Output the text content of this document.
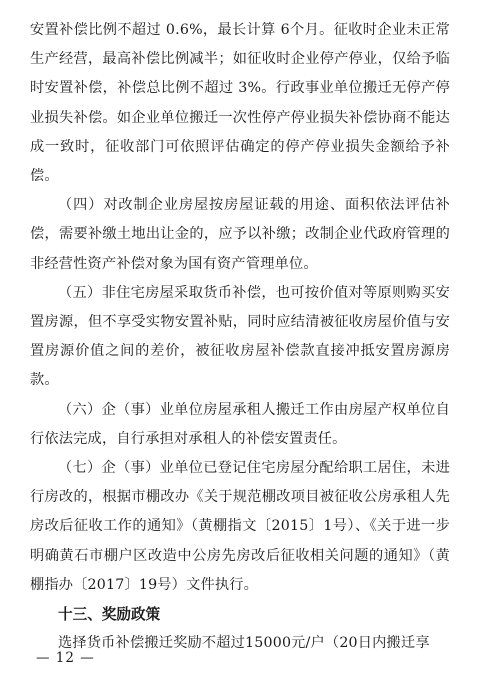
安置补偿比例不超过 0.6%，最长计算 6个月。征收时企业未正常生产经营，最高补偿比例减半；如征收时企业停产停业，仅给予临时安置补偿，补偿总比例不超过 3%。行政事业单位搬迁无停产停业损失补偿。如企业单位搬迁一次性停产停业损失补偿协商不能达成一致时，征收部门可依照评估确定的停产停业损失金额给予补偿。

（四）对改制企业房屋按房屋证载的用途、面积依法评估补偿，需要补缴土地出让金的，应予以补缴；改制企业代政府管理的非经营性资产补偿对象为国有资产管理单位。

（五）非住宅房屋采取货币补偿，也可按价值对等原则购买安置房源，但不享受实物安置补贴，同时应结清被征收房屋价值与安置房源价值之间的差价，被征收房屋补偿款直接冲抵安置房源房款。

（六）企（事）业单位房屋承租人搬迁工作由房屋产权单位自行依法完成，自行承担对承租人的补偿安置责任。

（七）企（事）业单位已登记住宅房屋分配给职工居住，未进行房改的，根据市棚改办《关于规范棚改项目被征收公房承租人先房改后征收工作的通知》（黄棚指文〔2015〕1号）、《关于进一步明确黄石市棚户区改造中公房先房改后征收相关问题的通知》（黄棚指办〔2017〕19号）文件执行。

十三、奖励政策

选择货币补偿搬迁奖励不超过15000元/户（20日内搬迁享

— 12 —
